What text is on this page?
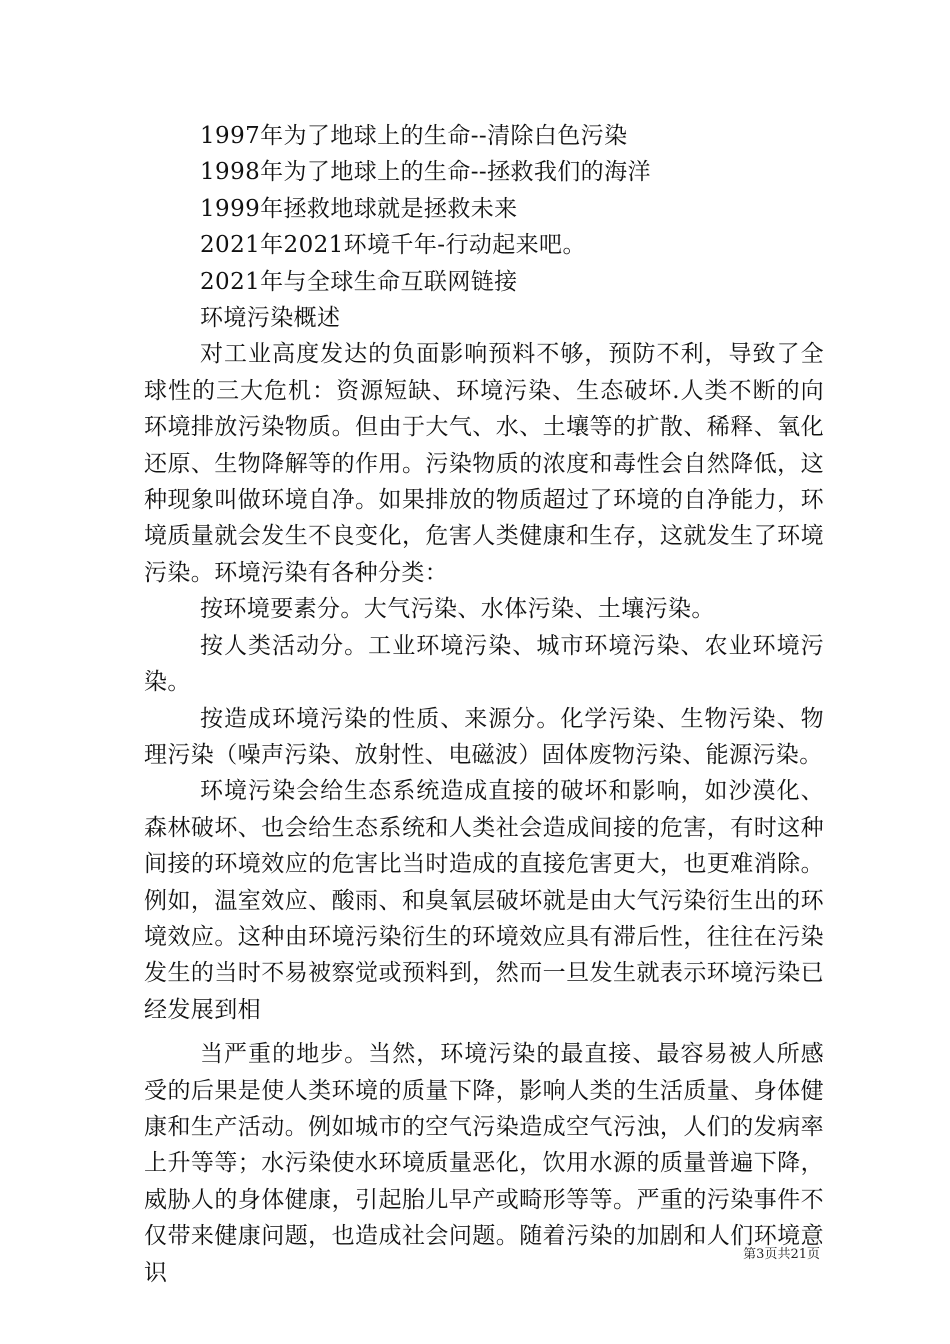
1997年为了地球上的生命--清除白色污染

1998年为了地球上的生命--拯救我们的海洋

1999年拯救地球就是拯救未来

2021年2021环境千年-行动起来吧。

2021年与全球生命互联网链接

环境污染概述

对工业高度发达的负面影响预料不够，预防不利，导致了全球性的三大危机：资源短缺、环境污染、生态破坏.人类不断的向环境排放污染物质。但由于大气、水、土壤等的扩散、稀释、氧化还原、生物降解等的作用。污染物质的浓度和毒性会自然降低，这种现象叫做环境自净。如果排放的物质超过了环境的自净能力，环境质量就会发生不良变化，危害人类健康和生存，这就发生了环境污染。环境污染有各种分类：

按环境要素分。大气污染、水体污染、土壤污染。

按人类活动分。工业环境污染、城市环境污染、农业环境污染。

按造成环境污染的性质、来源分。化学污染、生物污染、物理污染（噪声污染、放射性、电磁波）固体废物污染、能源污染。

环境污染会给生态系统造成直接的破坏和影响，如沙漠化、森林破坏、也会给生态系统和人类社会造成间接的危害，有时这种间接的环境效应的危害比当时造成的直接危害更大，也更难消除。例如，温室效应、酸雨、和臭氧层破坏就是由大气污染衍生出的环境效应。这种由环境污染衍生的环境效应具有滞后性，往往在污染发生的当时不易被察觉或预料到，然而一旦发生就表示环境污染已经发展到相

当严重的地步。当然，环境污染的最直接、最容易被人所感受的后果是使人类环境的质量下降，影响人类的生活质量、身体健康和生产活动。例如城市的空气污染造成空气污浊，人们的发病率上升等等；水污染使水环境质量恶化，饮用水源的质量普遍下降，威胁人的身体健康，引起胎儿早产或畸形等等。严重的污染事件不仅带来健康问题，也造成社会问题。随着污染的加剧和人们环境意识

第3页共21页
